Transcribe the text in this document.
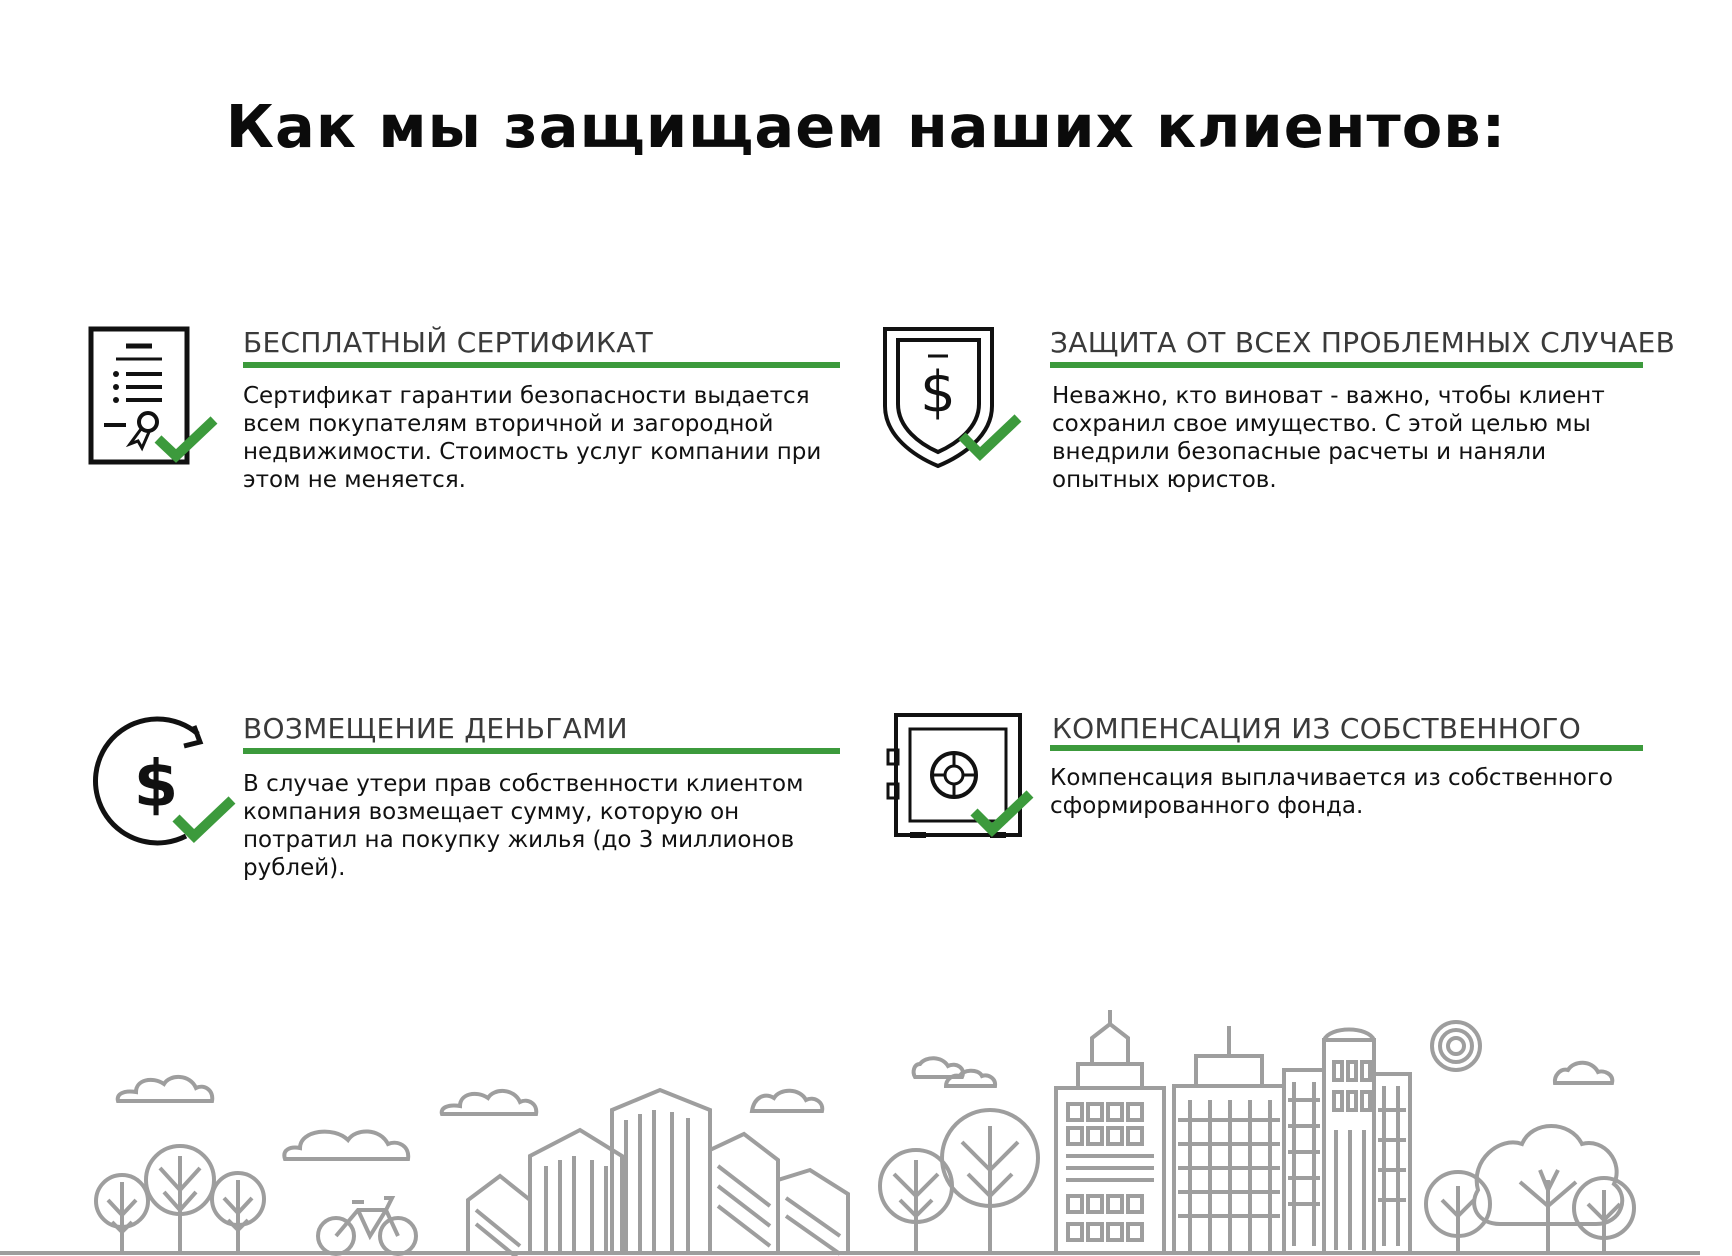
Как мы защищаем наших клиентов:
БЕСПЛАТНЫЙ СЕРТИФИКАТ
Сертификат гарантии безопасности выдается всем покупателям вторичной и загородной недвижимости. Стоимость услуг компании при этом не меняется.
$
ЗАЩИТА ОТ ВСЕХ ПРОБЛЕМНЫХ СЛУЧАЕВ
Неважно, кто виноват - важно, чтобы клиент сохранил свое имущество. С этой целью мы внедрили безопасные расчеты и наняли опытных юристов.
$
ВОЗМЕЩЕНИЕ ДЕНЬГАМИ
В случае утери прав собственности клиентом компания возмещает сумму, которую он потратил на покупку жилья (до 3 миллионов рублей).
КОМПЕНСАЦИЯ ИЗ СОБСТВЕННОГО
Компенсация выплачивается из собственного сформированного фонда.
